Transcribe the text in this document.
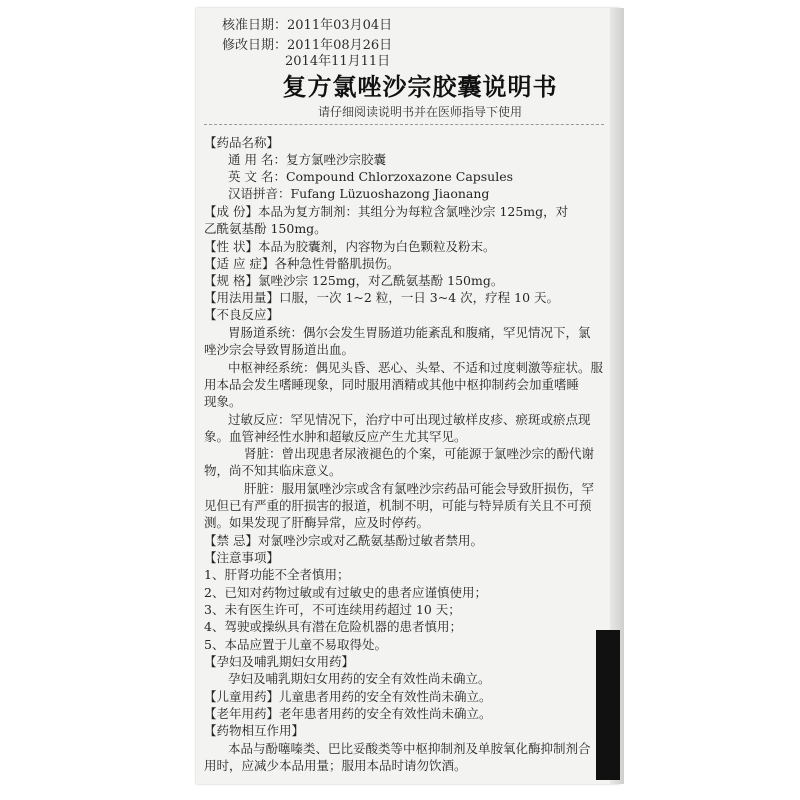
核准日期：2011年03月04日
修改日期：2011年08月26日
2014年11月11日
复方氯唑沙宗胶囊说明书
请仔细阅读说明书并在医师指导下使用
【药品名称】
通 用 名：复方氯唑沙宗胶囊
英 文 名：Compound Chlorzoxazone Capsules
汉语拼音：Fufang Lüzuoshazong Jiaonang
【成 份】本品为复方制剂：其组分为每粒含氯唑沙宗 125mg，对
乙酰氨基酚 150mg。
【性 状】本品为胶囊剂，内容物为白色颗粒及粉末。
【适 应 症】各种急性骨骼肌损伤。
【规 格】氯唑沙宗 125mg，对乙酰氨基酚 150mg。
【用法用量】口服，一次 1~2 粒，一日 3~4 次，疗程 10 天。
【不良反应】
胃肠道系统：偶尔会发生胃肠道功能紊乱和腹痛，罕见情况下，氯
唑沙宗会导致胃肠道出血。
中枢神经系统：偶见头昏、恶心、头晕、不适和过度刺激等症状。服
用本品会发生嗜睡现象，同时服用酒精或其他中枢抑制药会加重嗜睡
现象。
过敏反应：罕见情况下，治疗中可出现过敏样皮疹、瘀斑或瘀点现
象。血管神经性水肿和超敏反应产生尤其罕见。
肾脏：曾出现患者尿液褪色的个案，可能源于氯唑沙宗的酚代谢
物，尚不知其临床意义。
肝脏：服用氯唑沙宗或含有氯唑沙宗药品可能会导致肝损伤，罕
见但已有严重的肝损害的报道，机制不明，可能与特异质有关且不可预
测。如果发现了肝酶异常，应及时停药。
【禁 忌】对氯唑沙宗或对乙酰氨基酚过敏者禁用。
【注意事项】
1、肝肾功能不全者慎用；
2、已知对药物过敏或有过敏史的患者应谨慎使用；
3、未有医生许可，不可连续用药超过 10 天；
4、驾驶或操纵具有潜在危险机器的患者慎用；
5、本品应置于儿童不易取得处。
【孕妇及哺乳期妇女用药】
孕妇及哺乳期妇女用药的安全有效性尚未确立。
【儿童用药】儿童患者用药的安全有效性尚未确立。
【老年用药】老年患者用药的安全有效性尚未确立。
【药物相互作用】
本品与酚噻嗪类、巴比妥酸类等中枢抑制剂及单胺氧化酶抑制剂合
用时，应减少本品用量；服用本品时请勿饮酒。
